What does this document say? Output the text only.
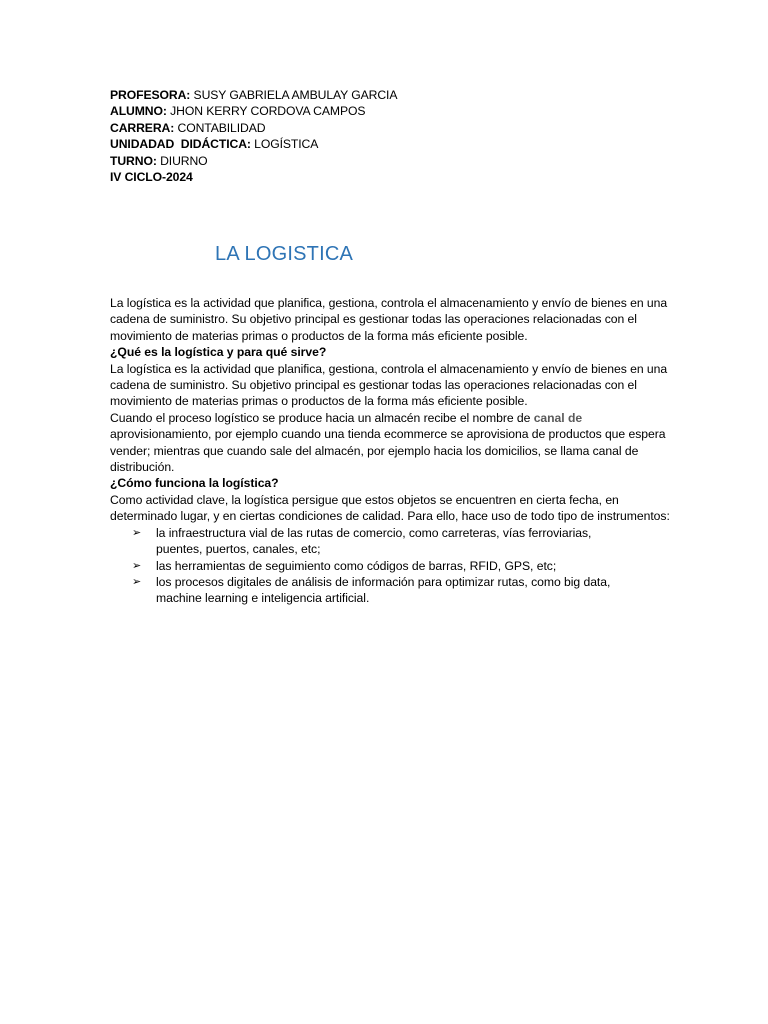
PROFESORA: SUSY GABRIELA AMBULAY GARCIA
ALUMNO: JHON KERRY CORDOVA CAMPOS
CARRERA: CONTABILIDAD
UNIDADAD  DIDÁCTICA: LOGÍSTICA
TURNO: DIURNO
IV CICLO-2024
LA LOGISTICA

La logística es la actividad que planifica, gestiona, controla el almacenamiento y envío de bienes en una cadena de suministro. Su objetivo principal es gestionar todas las operaciones relacionadas con el movimiento de materias primas o productos de la forma más eficiente posible.

¿Qué es la logística y para qué sirve?

La logística es la actividad que planifica, gestiona, controla el almacenamiento y envío de bienes en una cadena de suministro. Su objetivo principal es gestionar todas las operaciones relacionadas con el movimiento de materias primas o productos de la forma más eficiente posible.

Cuando el proceso logístico se produce hacia un almacén recibe el nombre de canal de aprovisionamiento, por ejemplo cuando una tienda ecommerce se aprovisiona de productos que espera vender; mientras que cuando sale del almacén, por ejemplo hacia los domicilios, se llama canal de distribución.

¿Cómo funciona la logística?

Como actividad clave, la logística persigue que estos objetos se encuentren en cierta fecha, en determinado lugar, y en ciertas condiciones de calidad. Para ello, hace uso de todo tipo de instrumentos:

➢ la infraestructura vial de las rutas de comercio, como carreteras, vías ferroviarias, puentes, puertos, canales, etc;
➢ las herramientas de seguimiento como códigos de barras, RFID, GPS, etc;
➢ los procesos digitales de análisis de información para optimizar rutas, como big data, machine learning e inteligencia artificial.
